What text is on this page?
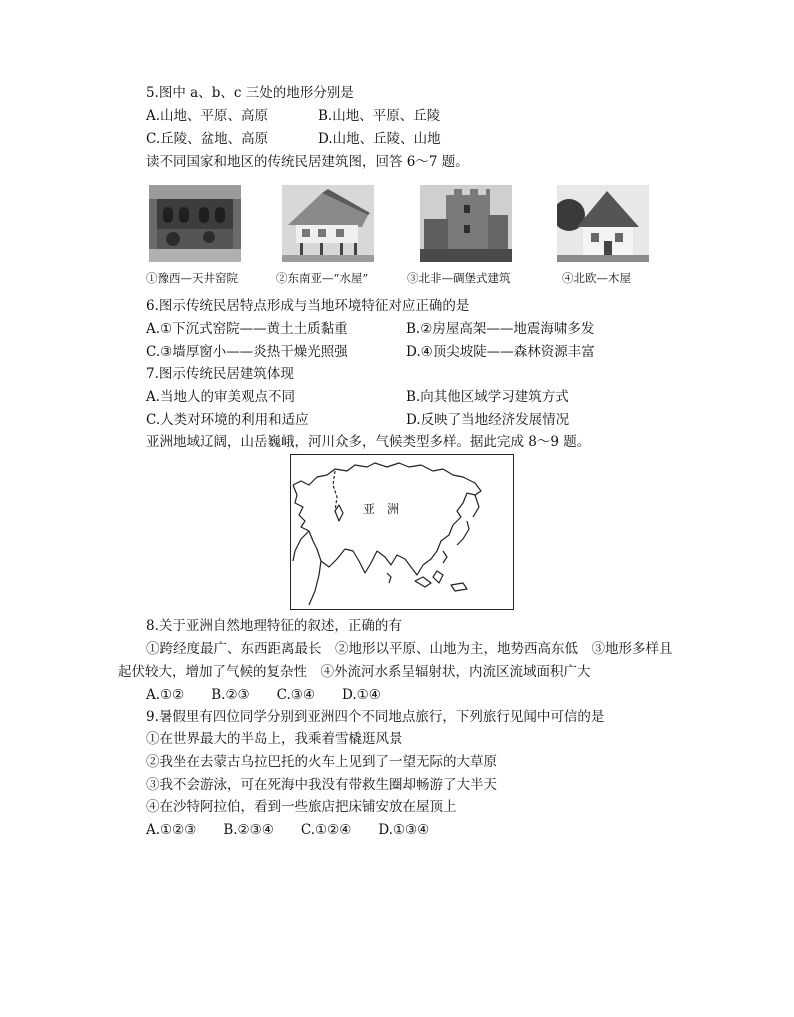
5.图中 a、b、c 三处的地形分别是
A.山地、平原、高原	B.山地、平原、丘陵
C.丘陵、盆地、高原	D.山地、丘陵、山地
读不同国家和地区的传统民居建筑图，回答 6～7 题。
①豫西—天井窑院	②东南亚—“水屋”	③北非—碉堡式建筑	④北欧—木屋
6.图示传统民居特点形成与当地环境特征对应正确的是
A.①下沉式窑院——黄土土质黏重	B.②房屋高架——地震海啸多发
C.③墙厚窗小——炎热干燥光照强	D.④顶尖坡陡——森林资源丰富
7.图示传统民居建筑体现
A.当地人的审美观点不同	B.向其他区域学习建筑方式
C.人类对环境的利用和适应	D.反映了当地经济发展情况
亚洲地域辽阔，山岳巍峨，河川众多，气候类型多样。据此完成 8～9 题。
亚　洲
8.关于亚洲自然地理特征的叙述，正确的有
①跨经度最广、东西距离最长　②地形以平原、山地为主，地势西高东低　③地形多样且
起伏较大，增加了气候的复杂性　④外流河水系呈辐射状，内流区流域面积广大
A.①②　　B.②③　　C.③④　　D.①④
9.暑假里有四位同学分别到亚洲四个不同地点旅行，下列旅行见闻中可信的是
①在世界最大的半岛上，我乘着雪橇逛风景
②我坐在去蒙古乌拉巴托的火车上见到了一望无际的大草原
③我不会游泳，可在死海中我没有带救生圈却畅游了大半天
④在沙特阿拉伯，看到一些旅店把床铺安放在屋顶上
A.①②③　　B.②③④　　C.①②④　　D.①③④
